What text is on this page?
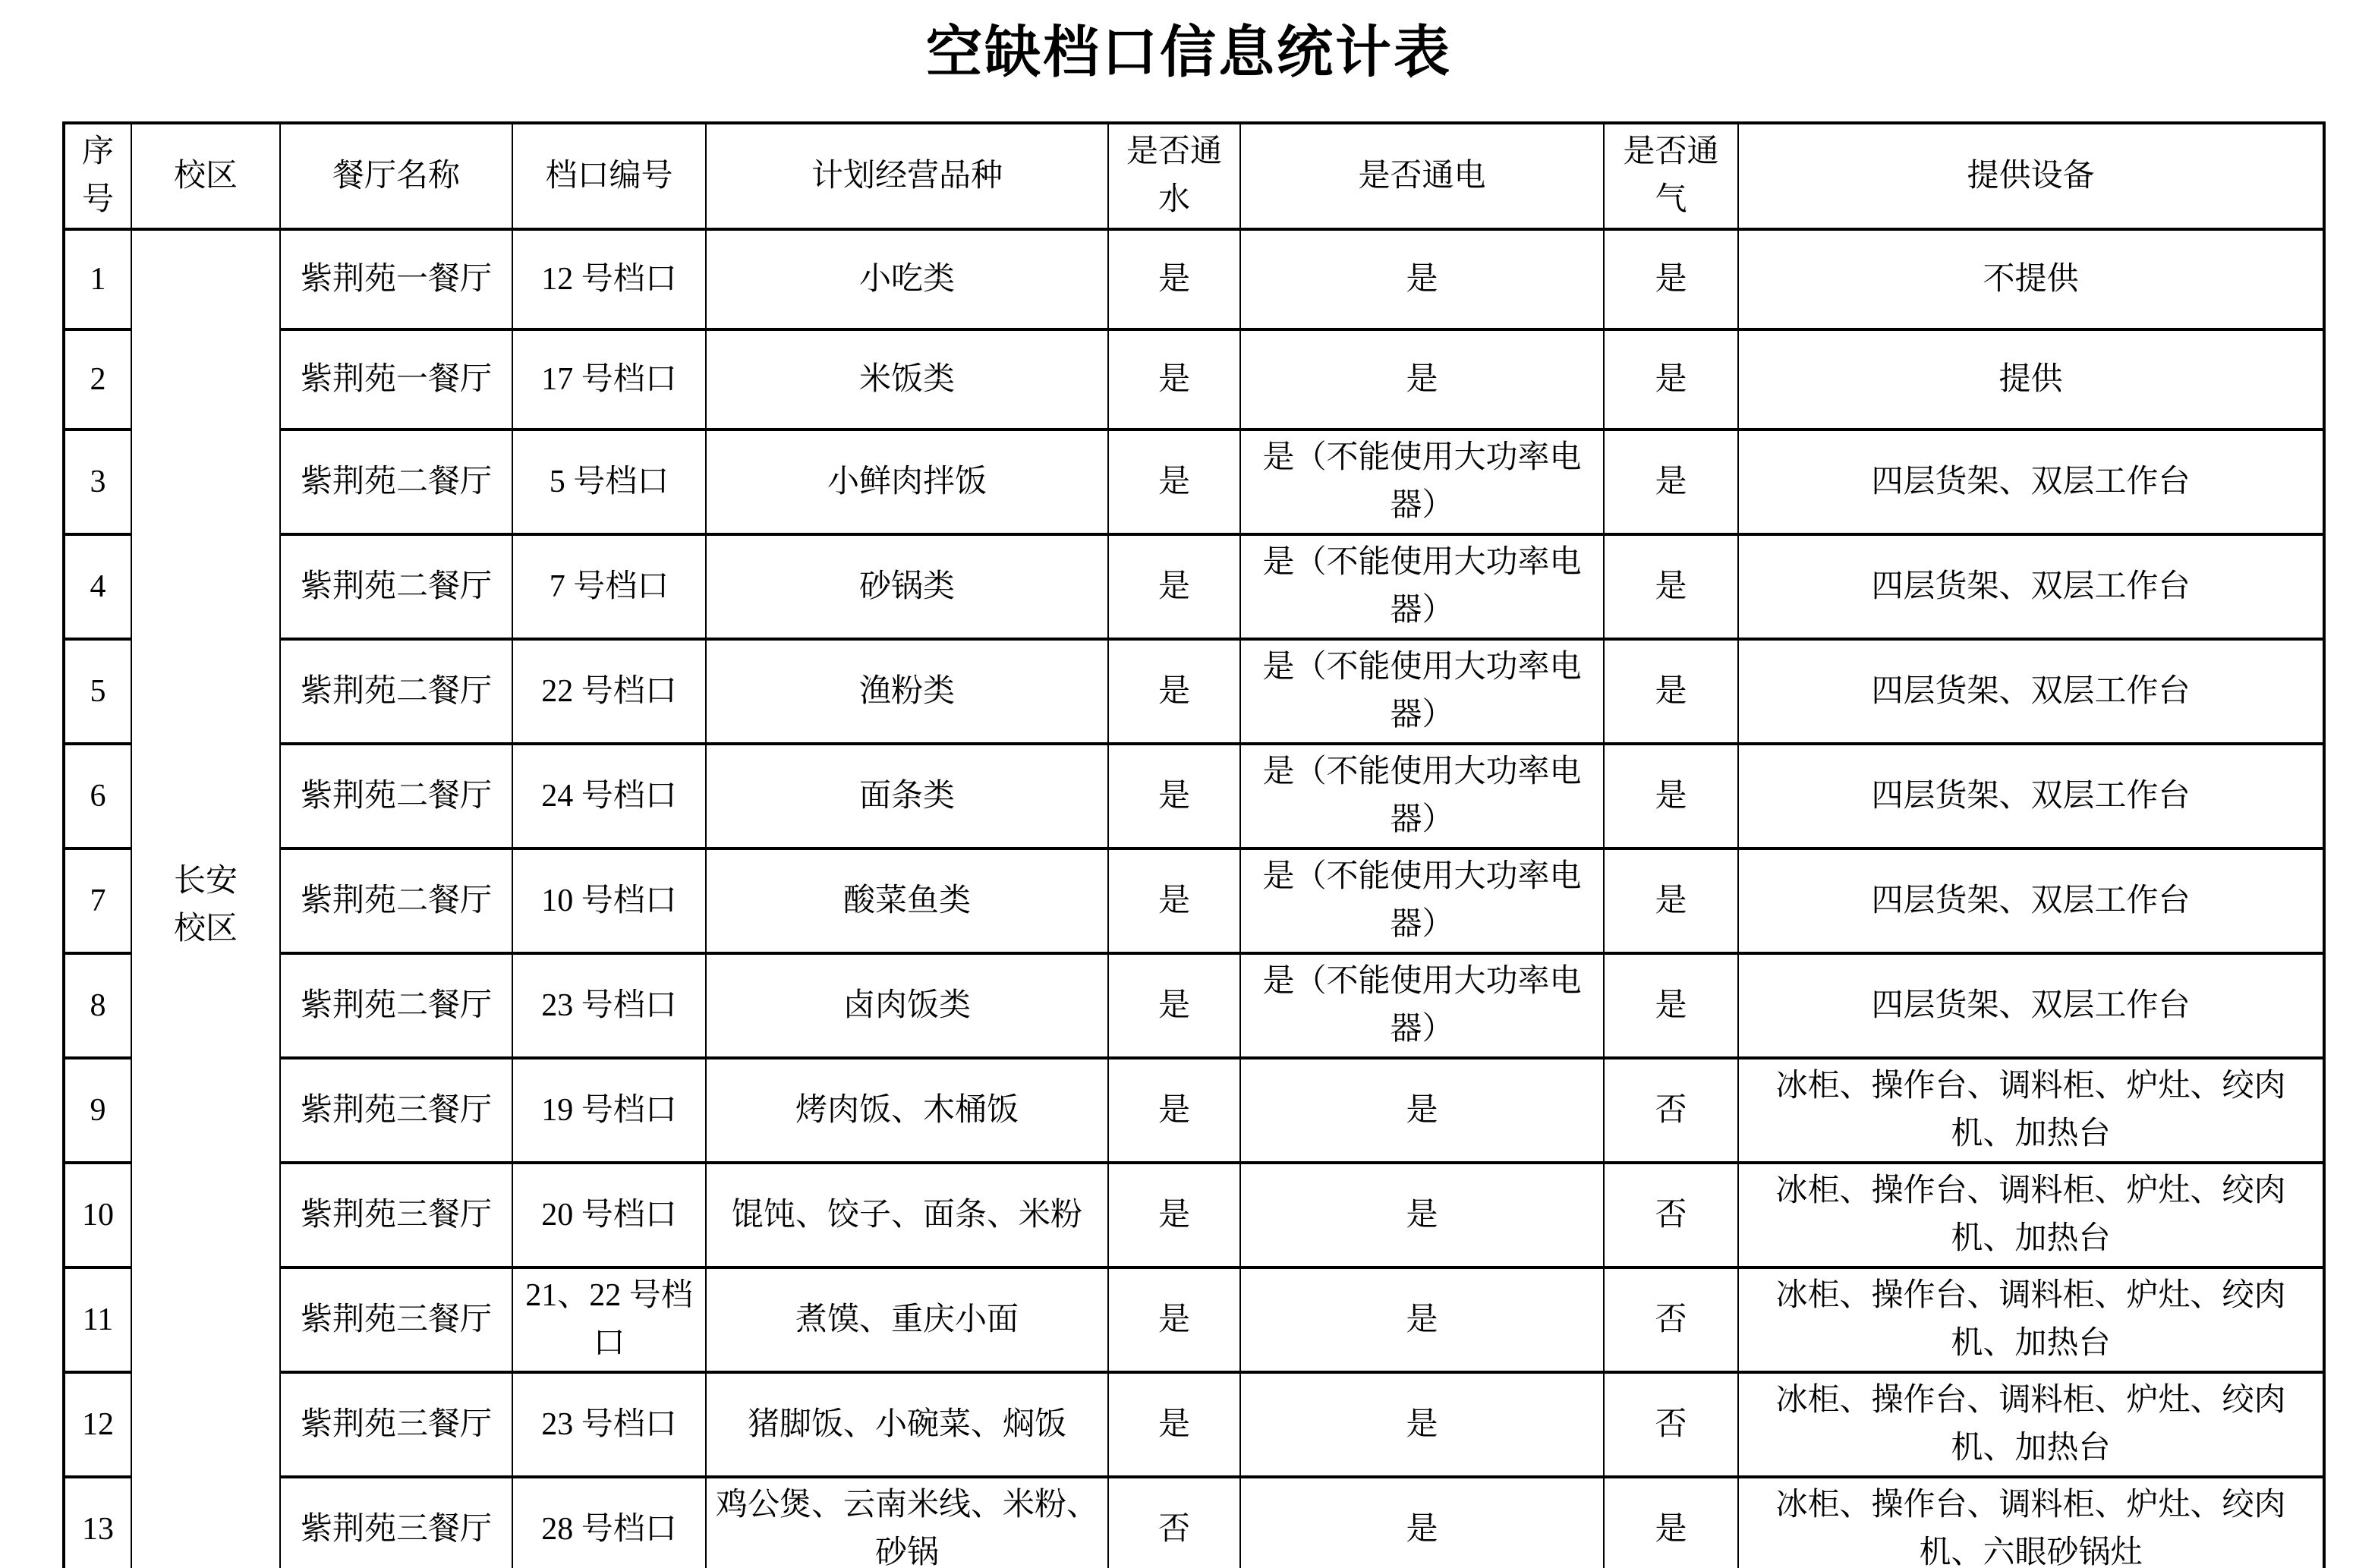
空缺档口信息统计表
序号	校区	餐厅名称	档口编号	计划经营品种	是否通水	是否通电	是否通气	提供设备
1	长安校区	紫荆苑一餐厅	12 号档口	小吃类	是	是	是	不提供
2		紫荆苑一餐厅	17 号档口	米饭类	是	是	是	提供
3		紫荆苑二餐厅	5 号档口	小鲜肉拌饭	是	是（不能使用大功率电器）	是	四层货架、双层工作台
4		紫荆苑二餐厅	7 号档口	砂锅类	是	是（不能使用大功率电器）	是	四层货架、双层工作台
5		紫荆苑二餐厅	22 号档口	渔粉类	是	是（不能使用大功率电器）	是	四层货架、双层工作台
6		紫荆苑二餐厅	24 号档口	面条类	是	是（不能使用大功率电器）	是	四层货架、双层工作台
7		紫荆苑二餐厅	10 号档口	酸菜鱼类	是	是（不能使用大功率电器）	是	四层货架、双层工作台
8		紫荆苑二餐厅	23 号档口	卤肉饭类	是	是（不能使用大功率电器）	是	四层货架、双层工作台
9		紫荆苑三餐厅	19 号档口	烤肉饭、木桶饭	是	是	否	冰柜、操作台、调料柜、炉灶、绞肉机、加热台
10		紫荆苑三餐厅	20 号档口	馄饨、饺子、面条、米粉	是	是	否	冰柜、操作台、调料柜、炉灶、绞肉机、加热台
11		紫荆苑三餐厅	21、22 号档口	煮馍、重庆小面	是	是	否	冰柜、操作台、调料柜、炉灶、绞肉机、加热台
12		紫荆苑三餐厅	23 号档口	猪脚饭、小碗菜、焖饭	是	是	否	冰柜、操作台、调料柜、炉灶、绞肉机、加热台
13		紫荆苑三餐厅	28 号档口	鸡公煲、云南米线、米粉、砂锅	否	是	是	冰柜、操作台、调料柜、炉灶、绞肉机、六眼砂锅灶
